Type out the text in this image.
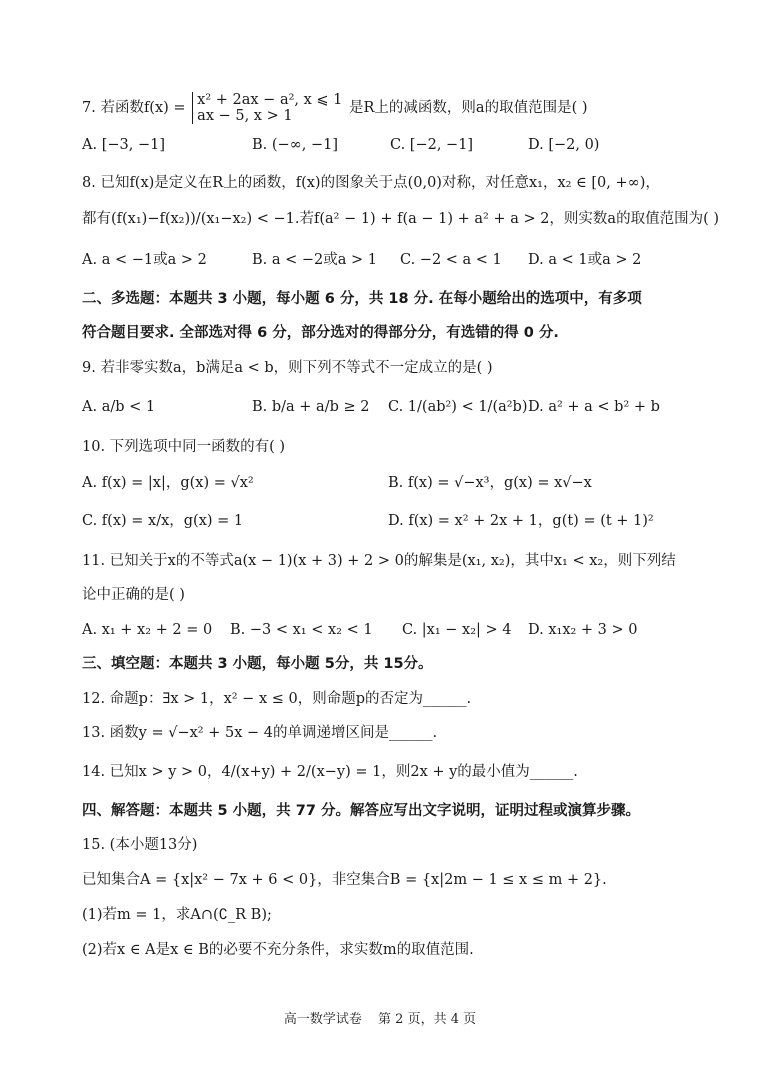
7. 若函数f(x) = x² + 2ax − a², x ⩽ 1
ax − 5, x > 1	是R上的减函数，则a的取值范围是( )
A. [−3, −1]	B. (−∞, −1]	C. [−2, −1]	D. [−2, 0)
8. 已知f(x)是定义在R上的函数，f(x)的图象关于点(0,0)对称，对任意x₁，x₂ ∈ [0, +∞)，
都有(f(x₁)−f(x₂))/(x₁−x₂) < −1.若f(a² − 1) + f(a − 1) + a² + a > 2，则实数a的取值范围为( )
A. a < −1或a > 2	B. a < −2或a > 1 C. −2 < a < 1 D. a < 1或a > 2
二、多选题：本题共 3 小题，每小题 6 分，共 18 分. 在每小题给出的选项中，有多项
符合题目要求. 全部选对得 6 分，部分选对的得部分分，有选错的得 0 分.
9. 若非零实数a，b满足a < b，则下列不等式不一定成立的是( )
A. a/b < 1	B. b/a + a/b ≥ 2 C. 1/(ab²) < 1/(a²b) D. a² + a < b² + b
10. 下列选项中同一函数的有( )
A. f(x) = |x|，g(x) = √x²	B. f(x) = √−x³，g(x) = x√−x
C. f(x) = x/x，g(x) = 1	D. f(x) = x² + 2x + 1，g(t) = (t + 1)²
11. 已知关于x的不等式a(x − 1)(x + 3) + 2 > 0的解集是(x₁, x₂)，其中x₁ < x₂，则下列结
论中正确的是( )
A. x₁ + x₂ + 2 = 0 B. −3 < x₁ < x₂ < 1 C. |x₁ − x₂| > 4 D. x₁x₂ + 3 > 0
三、填空题：本题共 3 小题，每小题 5分，共 15分。
12. 命题p：∃x > 1，x² − x ≤ 0，则命题p的否定为______.
13. 函数y = √−x² + 5x − 4的单调递增区间是______.
14. 已知x > y > 0，4/(x+y) + 2/(x−y) = 1，则2x + y的最小值为______.
四、解答题：本题共 5 小题，共 77 分。解答应写出文字说明，证明过程或演算步骤。
15. (本小题13分)
已知集合A = {x|x² − 7x + 6 < 0}，非空集合B = {x|2m − 1 ≤ x ≤ m + 2}.
(1)若m = 1，求A∩(∁_R B);
(2)若x ∈ A是x ∈ B的必要不充分条件，求实数m的取值范围.
高一数学试卷 第 2 页，共 4 页
